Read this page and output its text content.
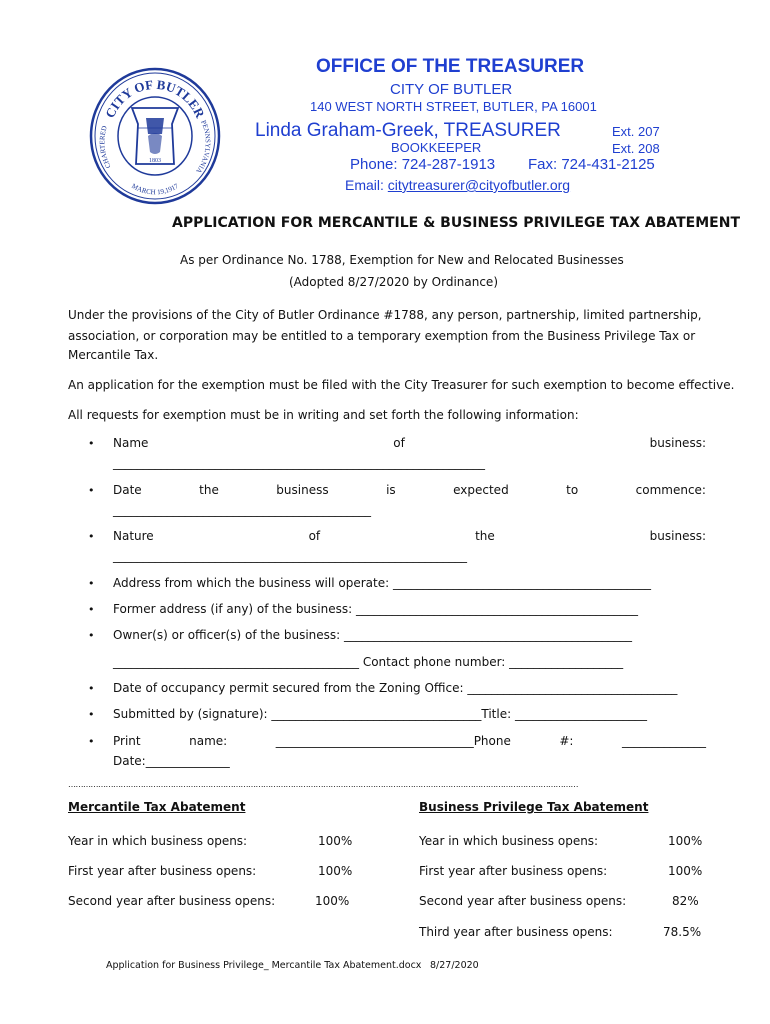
CITY OF BUTLER
CHARTERED
PENNSYLVANIA
MARCH 19,1917
1803
OFFICE OF THE TREASURER
CITY OF BUTLER
140 WEST NORTH STREET, BUTLER, PA 16001
Linda Graham-Greek, TREASURER	Ext. 207
BOOKKEEPER	Ext. 208
Phone: 724-287-1913 Fax: 724-431-2125
Email: citytreasurer@cityofbutler.org
APPLICATION FOR MERCANTILE & BUSINESS PRIVILEGE TAX ABATEMENT
As per Ordinance No. 1788, Exemption for New and Relocated Businesses
(Adopted 8/27/2020 by Ordinance)
Under the provisions of the City of Butler Ordinance #1788, any person, partnership, limited partnership,
association, or corporation may be entitled to a temporary exemption from the Business Privilege Tax or
Mercantile Tax.
An application for the exemption must be filed with the City Treasurer for such exemption to become effective.
All requests for exemption must be in writing and set forth the following information:
• Name	of	business:
______________________________________________________________
• Date	the	business	is	expected	to	commence:
___________________________________________
• Nature	of	the	business:
___________________________________________________________
• Address from which the business will operate: ___________________________________________
• Former address (if any) of the business: _______________________________________________
• Owner(s) or officer(s) of the business: ________________________________________________
_________________________________________ Contact phone number: ___________________
• Date of occupancy permit secured from the Zoning Office: ___________________________________
• Submitted by (signature): ___________________________________Title: ______________________
• Print	name:	_________________________________Phone	#:	______________
Date:______________
……………………………………………………………………………………………………………………………………………………………………………………
Mercantile Tax Abatement	Business Privilege Tax Abatement
Year in which business opens:	100%
First year after business opens:	100%
Second year after business opens:	100%
Year in which business opens:	100%
First year after business opens:	100%
Second year after business opens:	82%
Third year after business opens:	78.5%
Application for Business Privilege_ Mercantile Tax Abatement.docx 8/27/2020
